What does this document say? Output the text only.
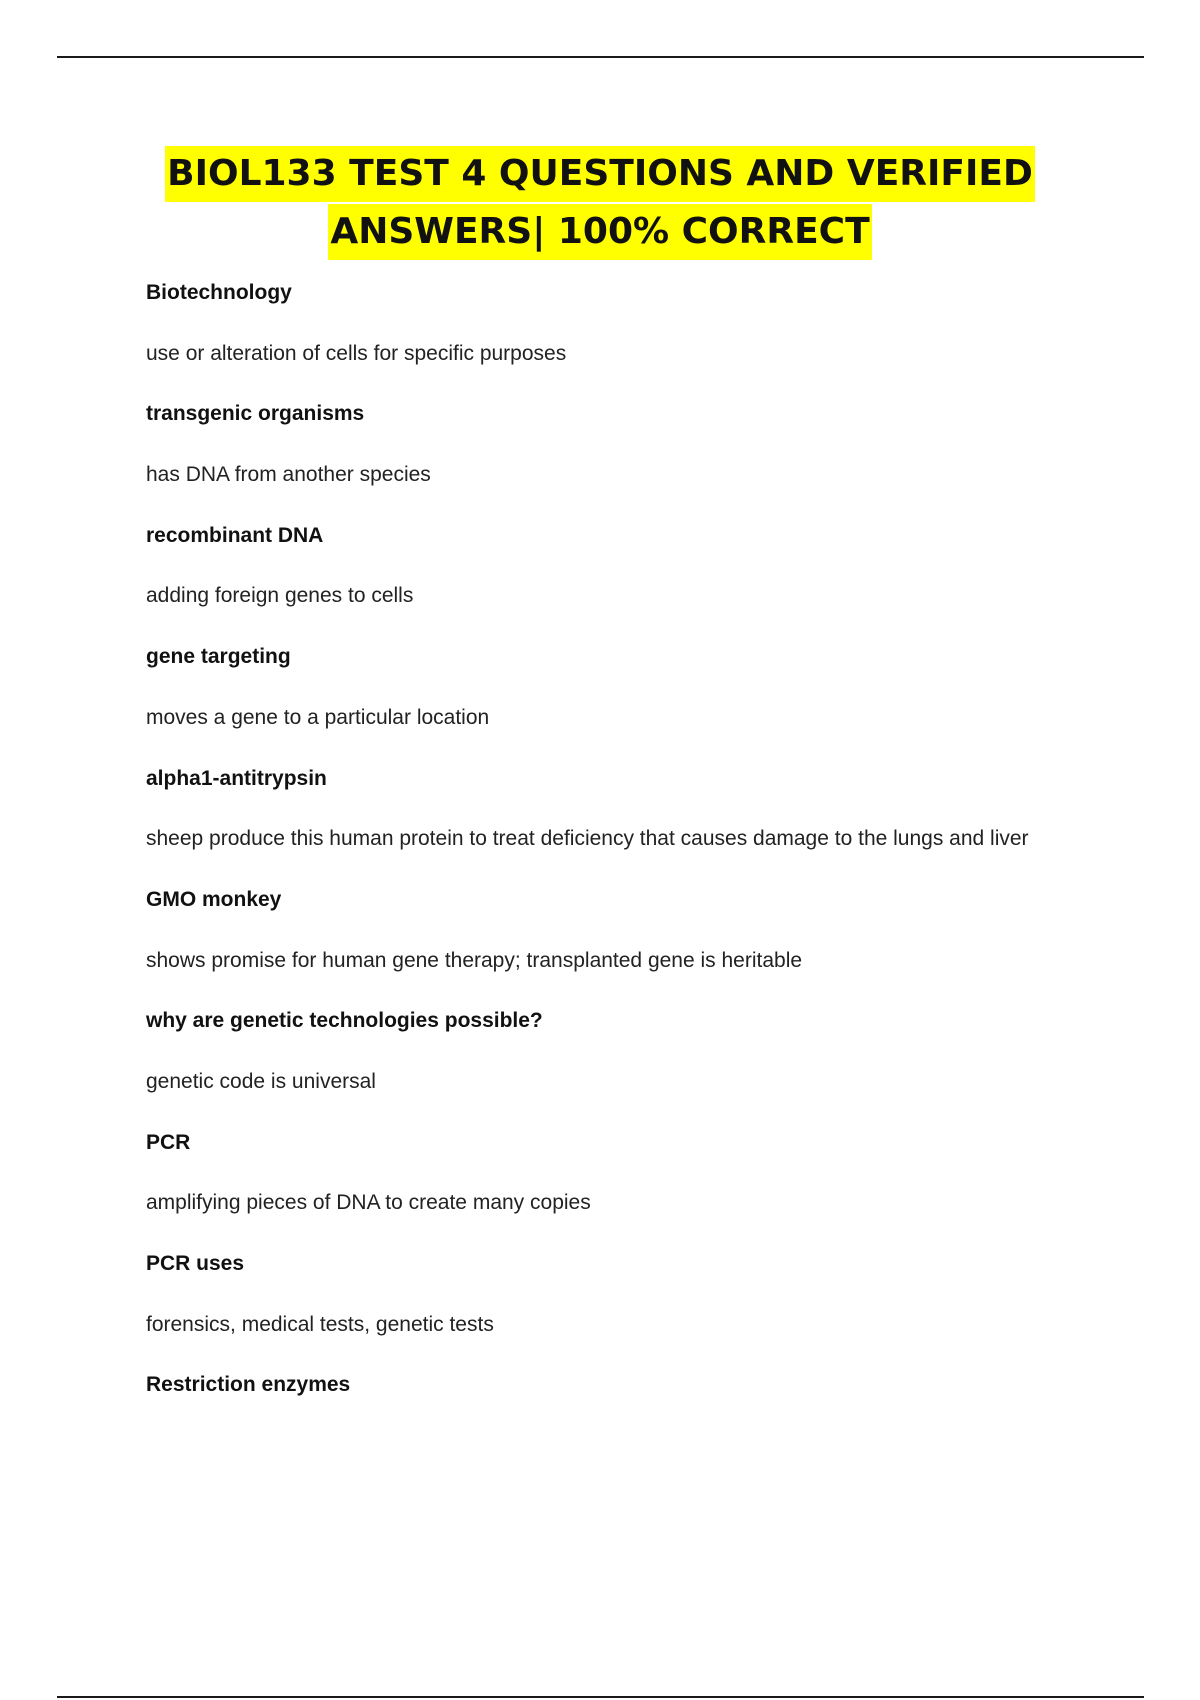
BIOL133 TEST 4 QUESTIONS AND VERIFIED
ANSWERS| 100% CORRECT

Biotechnology

use or alteration of cells for specific purposes

transgenic organisms

has DNA from another species

recombinant DNA

adding foreign genes to cells

gene targeting

moves a gene to a particular location

alpha1-antitrypsin

sheep produce this human protein to treat deficiency that causes damage to the lungs and liver

GMO monkey

shows promise for human gene therapy; transplanted gene is heritable

why are genetic technologies possible?

genetic code is universal

PCR

amplifying pieces of DNA to create many copies

PCR uses

forensics, medical tests, genetic tests

Restriction enzymes
